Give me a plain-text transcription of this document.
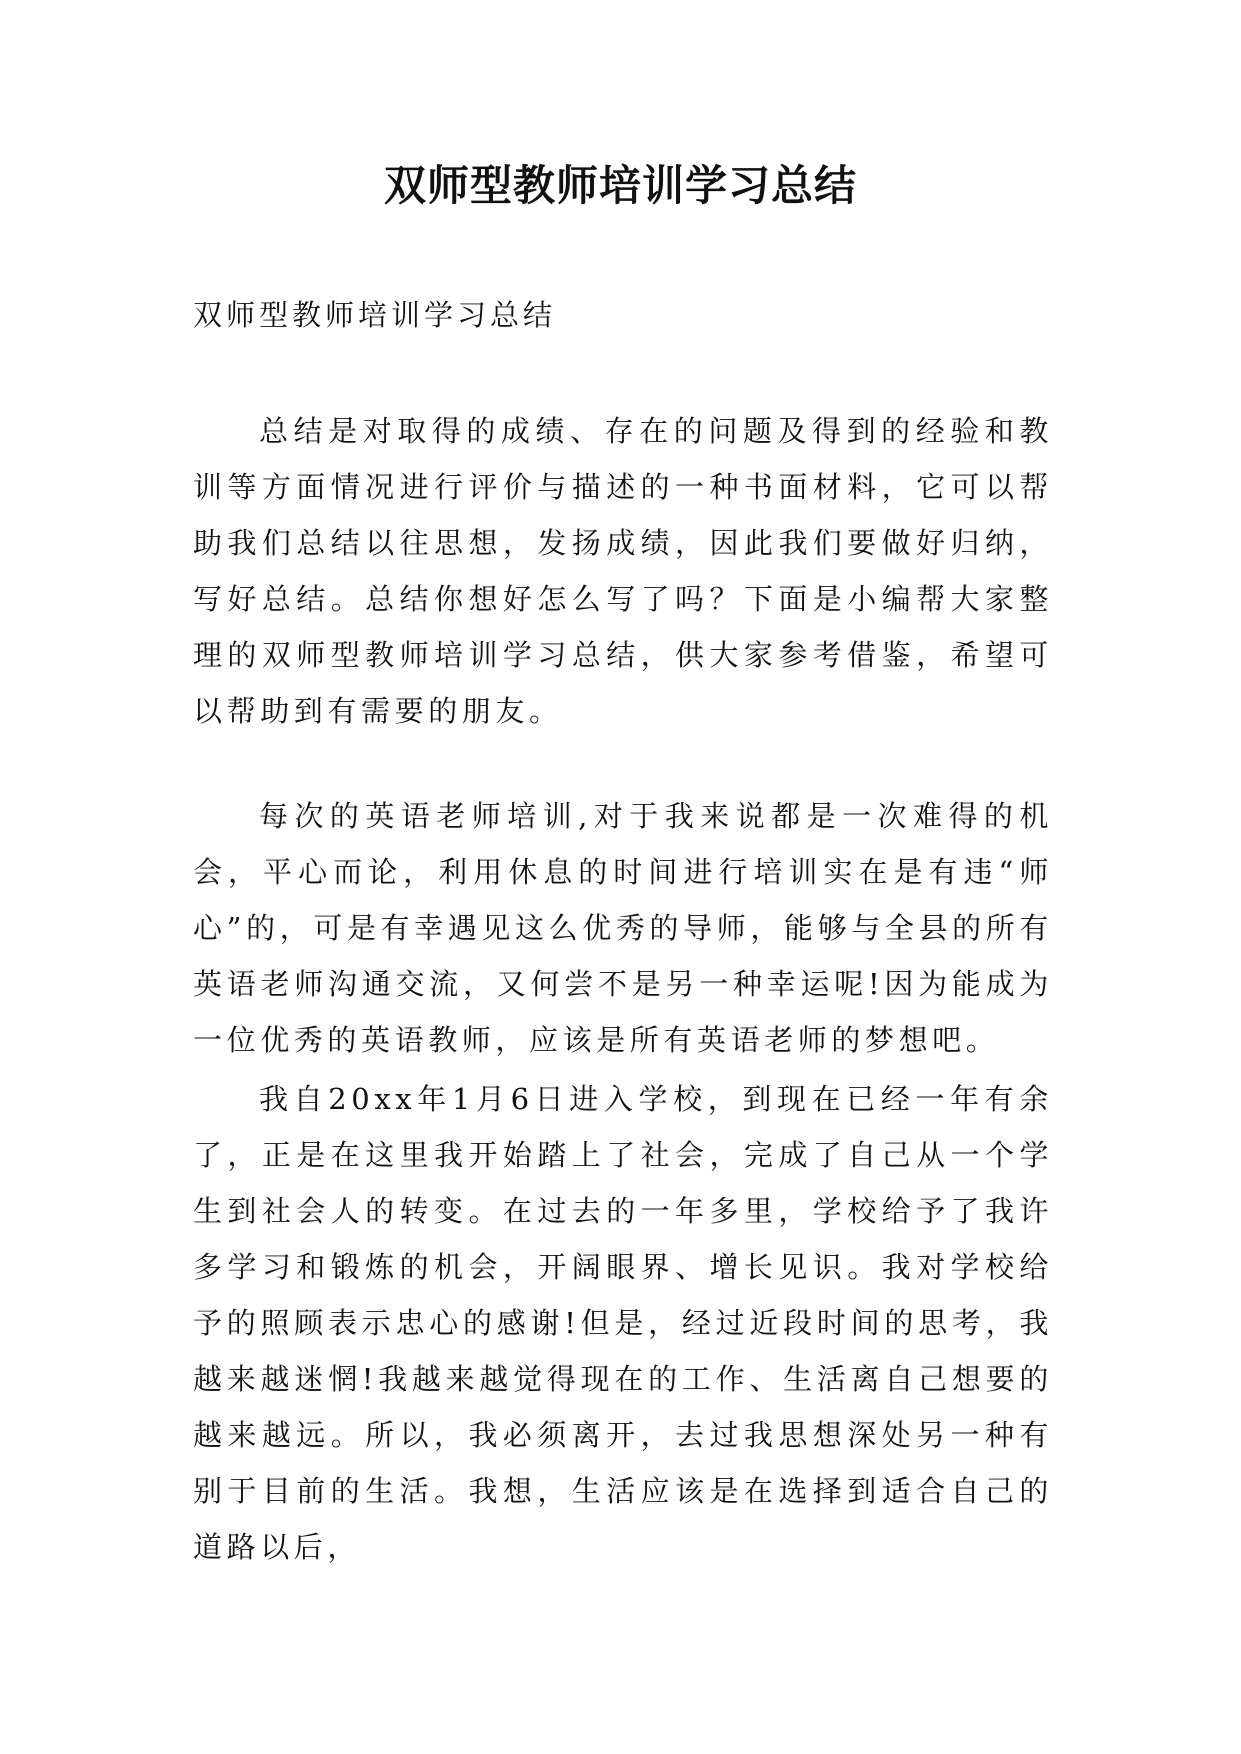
双师型教师培训学习总结

双师型教师培训学习总结

总结是对取得的成绩、存在的问题及得到的经验和教训等方面情况进行评价与描述的一种书面材料，它可以帮助我们总结以往思想，发扬成绩，因此我们要做好归纳，写好总结。总结你想好怎么写了吗？下面是小编帮大家整理的双师型教师培训学习总结，供大家参考借鉴，希望可以帮助到有需要的朋友。

每次的英语老师培训,对于我来说都是一次难得的机会，平心而论，利用休息的时间进行培训实在是有违“师心”的，可是有幸遇见这么优秀的导师，能够与全县的所有英语老师沟通交流，又何尝不是另一种幸运呢!因为能成为一位优秀的英语教师，应该是所有英语老师的梦想吧。

我自20xx年1月6日进入学校，到现在已经一年有余了，正是在这里我开始踏上了社会，完成了自己从一个学生到社会人的转变。在过去的一年多里，学校给予了我许多学习和锻炼的机会，开阔眼界、增长见识。我对学校给予的照顾表示忠心的感谢!但是，经过近段时间的思考，我越来越迷惘!我越来越觉得现在的工作、生活离自己想要的越来越远。所以，我必须离开，去过我思想深处另一种有别于目前的生活。我想，生活应该是在选择到适合自己的道路以后，
